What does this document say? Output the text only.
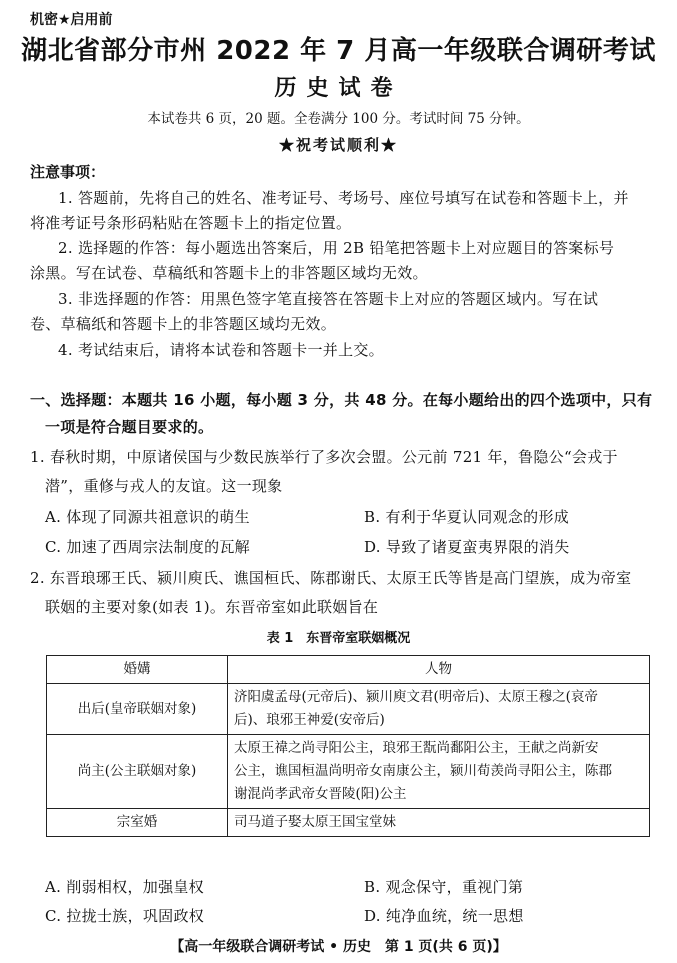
机密★启用前
湖北省部分市州 2022 年 7 月高一年级联合调研考试
历史试卷
本试卷共 6 页，20 题。全卷满分 100 分。考试时间 75 分钟。
★祝考试顺利★
注意事项：
1. 答题前，先将自己的姓名、准考证号、考场号、座位号填写在试卷和答题卡上，并
将准考证号条形码粘贴在答题卡上的指定位置。
2. 选择题的作答：每小题选出答案后，用 2B 铅笔把答题卡上对应题目的答案标号
涂黑。写在试卷、草稿纸和答题卡上的非答题区域均无效。
3. 非选择题的作答：用黑色签字笔直接答在答题卡上对应的答题区域内。写在试
卷、草稿纸和答题卡上的非答题区域均无效。
4. 考试结束后，请将本试卷和答题卡一并上交。
一、选择题：本题共 16 小题，每小题 3 分，共 48 分。在每小题给出的四个选项中，只有
一项是符合题目要求的。
1. 春秋时期，中原诸侯国与少数民族举行了多次会盟。公元前 721 年，鲁隐公“会戎于
潜”，重修与戎人的友谊。这一现象
A. 体现了同源共祖意识的萌生	B. 有利于华夏认同观念的形成
C. 加速了西周宗法制度的瓦解	D. 导致了诸夏蛮夷界限的消失
2. 东晋琅琊王氏、颍川庾氏、谯国桓氏、陈郡谢氏、太原王氏等皆是高门望族，成为帝室
联姻的主要对象(如表 1)。东晋帝室如此联姻旨在
表 1　东晋帝室联姻概况
婚媾	人物
出后(皇帝联姻对象)	济阳虞孟母(元帝后)、颍川庾文君(明帝后)、太原王穆之(哀帝
后)、琅邪王神爱(安帝后)

尚主(公主联姻对象)	太原王禕之尚寻阳公主，琅邪王翫尚鄱阳公主，王献之尚新安
公主，谯国桓温尚明帝女南康公主，颍川荀羡尚寻阳公主，陈郡
谢混尚孝武帝女晋陵(阳)公主

宗室婚	司马道子娶太原王国宝堂妹
A. 削弱相权，加强皇权	B. 观念保守，重视门第
C. 拉拢士族，巩固政权	D. 纯净血统，统一思想
【高一年级联合调研考试 • 历史　第 1 页(共 6 页)】
